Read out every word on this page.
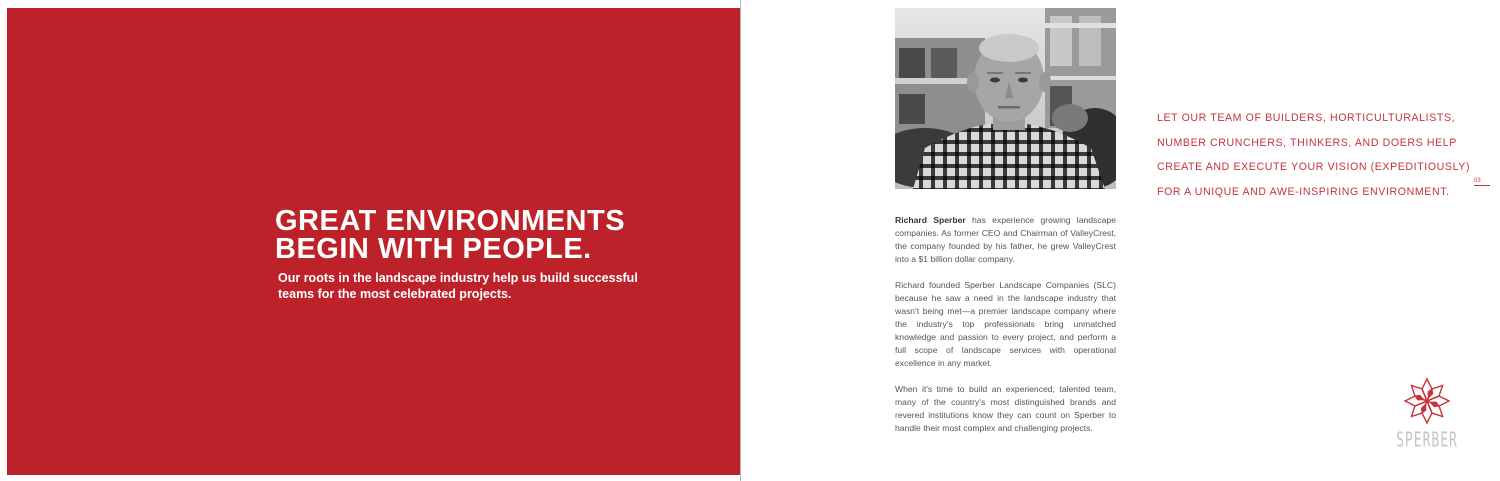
GREAT ENVIRONMENTS
BEGIN WITH PEOPLE.

Our roots in the landscape industry help us build successful teams for the most celebrated projects.

Richard Sperber has experience growing landscape companies. As former CEO and Chairman of ValleyCrest, the company founded by his father, he grew ValleyCrest into a $1 billion dollar company.

Richard founded Sperber Landscape Companies (SLC) because he saw a need in the landscape industry that wasn't being met—a premier landscape company where the industry's top professionals bring unmatched knowledge and passion to every project, and perform a full scope of landscape services with operational excellence in any market.

When it's time to build an experienced, talented team, many of the country's most distinguished brands and revered institutions know they can count on Sperber to handle their most complex and challenging projects.

LET OUR TEAM OF BUILDERS, HORTICULTURALISTS,
NUMBER CRUNCHERS, THINKERS, AND DOERS HELP
CREATE AND EXECUTE YOUR VISION (EXPEDITIOUSLY)
FOR A UNIQUE AND AWE-INSPIRING ENVIRONMENT.
03
SPERBER
